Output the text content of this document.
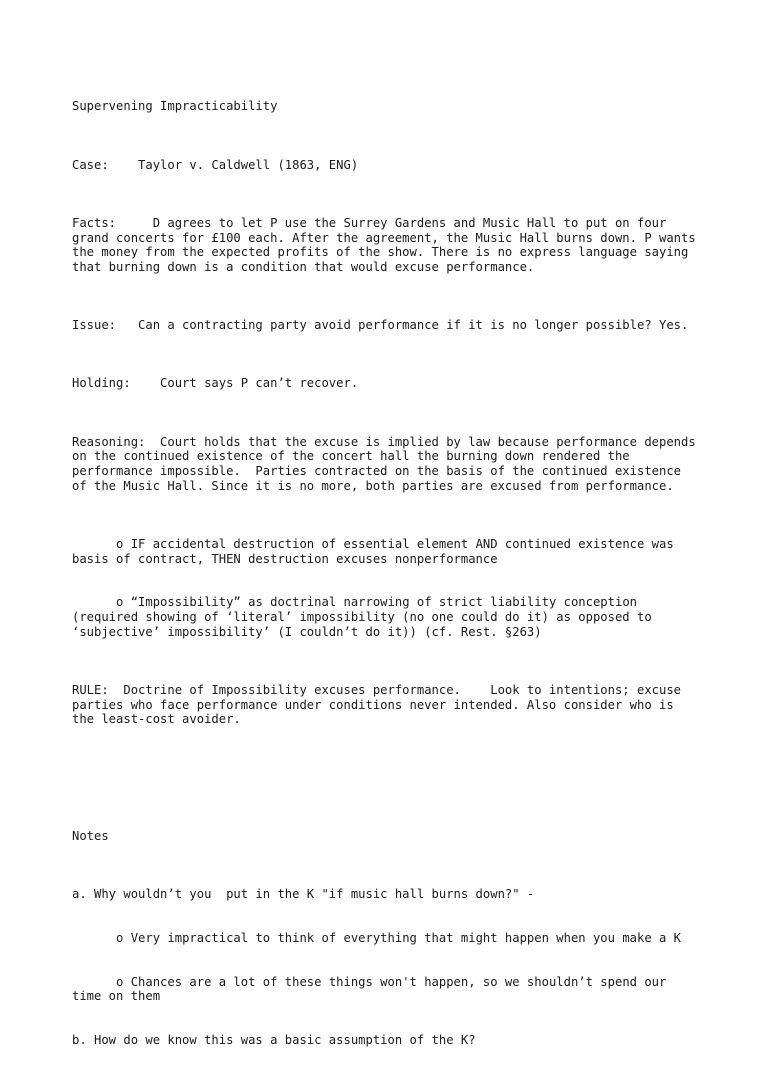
Supervening Impracticability

Case:    Taylor v. Caldwell (1863, ENG)

Facts:     D agrees to let P use the Surrey Gardens and Music Hall to put on four grand concerts for £100 each. After the agreement, the Music Hall burns down. P wants the money from the expected profits of the show. There is no express language saying that burning down is a condition that would excuse performance.

Issue:   Can a contracting party avoid performance if it is no longer possible? Yes.

Holding:    Court says P can’t recover.

Reasoning:  Court holds that the excuse is implied by law because performance depends on the continued existence of the concert hall the burning down rendered the performance impossible.  Parties contracted on the basis of the continued existence of the Music Hall. Since it is no more, both parties are excused from performance.

o IF accidental destruction of essential element AND continued existence was basis of contract, THEN destruction excuses nonperformance

o “Impossibility” as doctrinal narrowing of strict liability conception (required showing of ‘literal’ impossibility (no one could do it) as opposed to ‘subjective’ impossibility’ (I couldn’t do it)) (cf. Rest. §263)

RULE:  Doctrine of Impossibility excuses performance.    Look to intentions; excuse parties who face performance under conditions never intended. Also consider who is the least-cost avoider.

Notes

a. Why wouldn’t you  put in the K "if music hall burns down?" -

o Very impractical to think of everything that might happen when you make a K

o Chances are a lot of these things won't happen, so we shouldn’t spend our time on them

b. How do we know this was a basic assumption of the K?
